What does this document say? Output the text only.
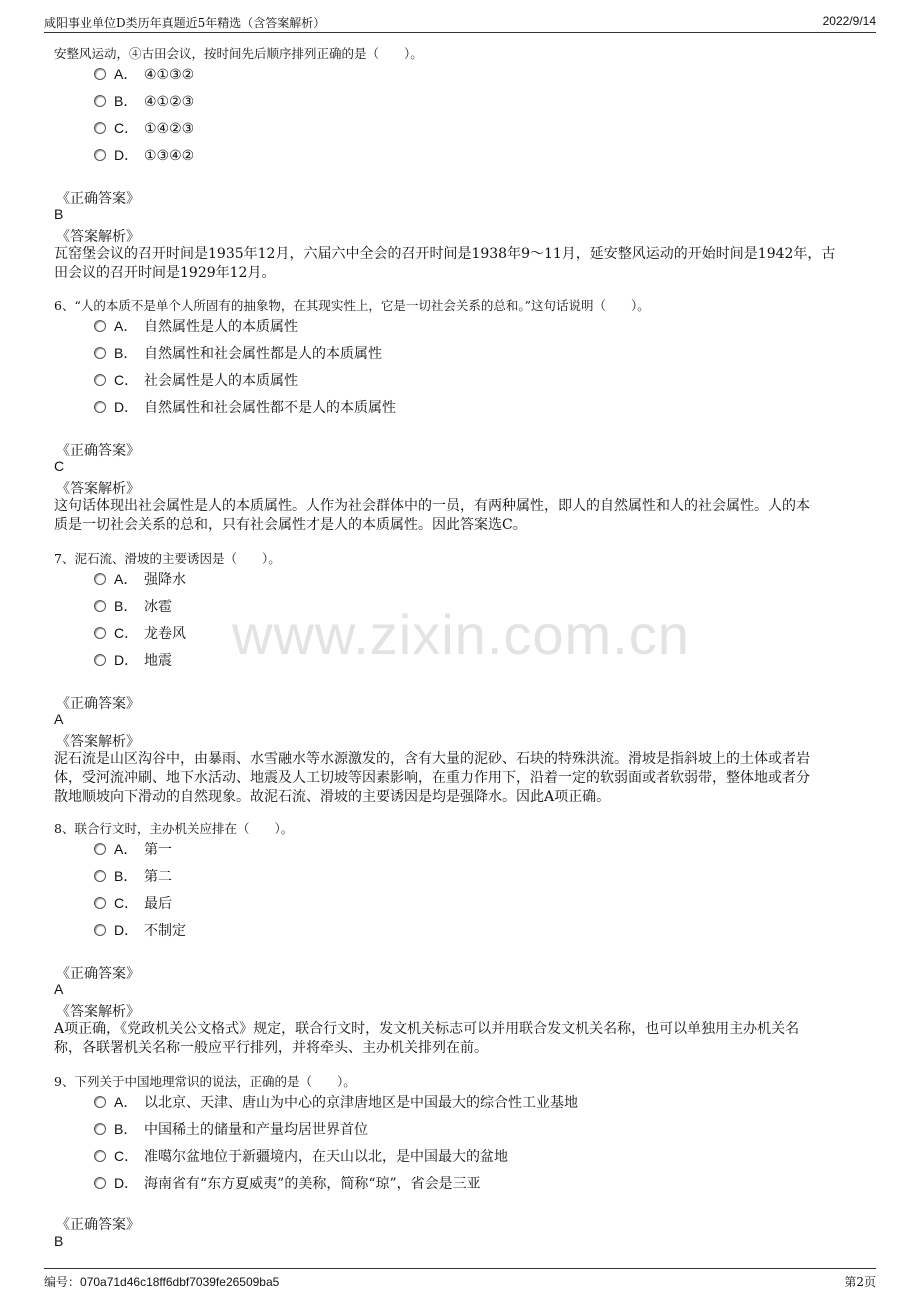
咸阳事业单位D类历年真题近5年精选（含答案解析）	2022/9/14
www.zixin.com.cn
安整风运动，④古田会议，按时间先后顺序排列正确的是（　　）。
A． ④①③②
B． ④①②③
C． ①④②③
D． ①③④②
《正确答案》
B
《答案解析》
瓦窑堡会议的召开时间是1935年12月，六届六中全会的召开时间是1938年9～11月，延安整风运动的开始时间是1942年，古
田会议的召开时间是1929年12月。
6、“人的本质不是单个人所固有的抽象物，在其现实性上，它是一切社会关系的总和。”这句话说明（　　）。
A． 自然属性是人的本质属性
B． 自然属性和社会属性都是人的本质属性
C． 社会属性是人的本质属性
D． 自然属性和社会属性都不是人的本质属性
《正确答案》
C
《答案解析》
这句话体现出社会属性是人的本质属性。人作为社会群体中的一员，有两种属性，即人的自然属性和人的社会属性。人的本
质是一切社会关系的总和，只有社会属性才是人的本质属性。因此答案选C。
7、泥石流、滑坡的主要诱因是（　　）。
A． 强降水
B． 冰雹
C． 龙卷风
D． 地震
《正确答案》
A
《答案解析》
泥石流是山区沟谷中，由暴雨、水雪融水等水源激发的，含有大量的泥砂、石块的特殊洪流。滑坡是指斜坡上的土体或者岩
体，受河流冲刷、地下水活动、地震及人工切坡等因素影响，在重力作用下，沿着一定的软弱面或者软弱带，整体地或者分
散地顺坡向下滑动的自然现象。故泥石流、滑坡的主要诱因是均是强降水。因此A项正确。
8、联合行文时，主办机关应排在（　　）。
A． 第一
B． 第二
C． 最后
D． 不制定
《正确答案》
A
《答案解析》
A项正确，《党政机关公文格式》规定，联合行文时，发文机关标志可以并用联合发文机关名称，也可以单独用主办机关名
称，各联署机关名称一般应平行排列，并将牵头、主办机关排列在前。
9、下列关于中国地理常识的说法，正确的是（　　）。
A． 以北京、天津、唐山为中心的京津唐地区是中国最大的综合性工业基地
B． 中国稀土的储量和产量均居世界首位
C． 准噶尔盆地位于新疆境内，在天山以北，是中国最大的盆地
D． 海南省有“东方夏威夷”的美称，简称“琼”，省会是三亚
《正确答案》
B
编号：070a71d46c18ff6dbf7039fe26509ba5	第2页
